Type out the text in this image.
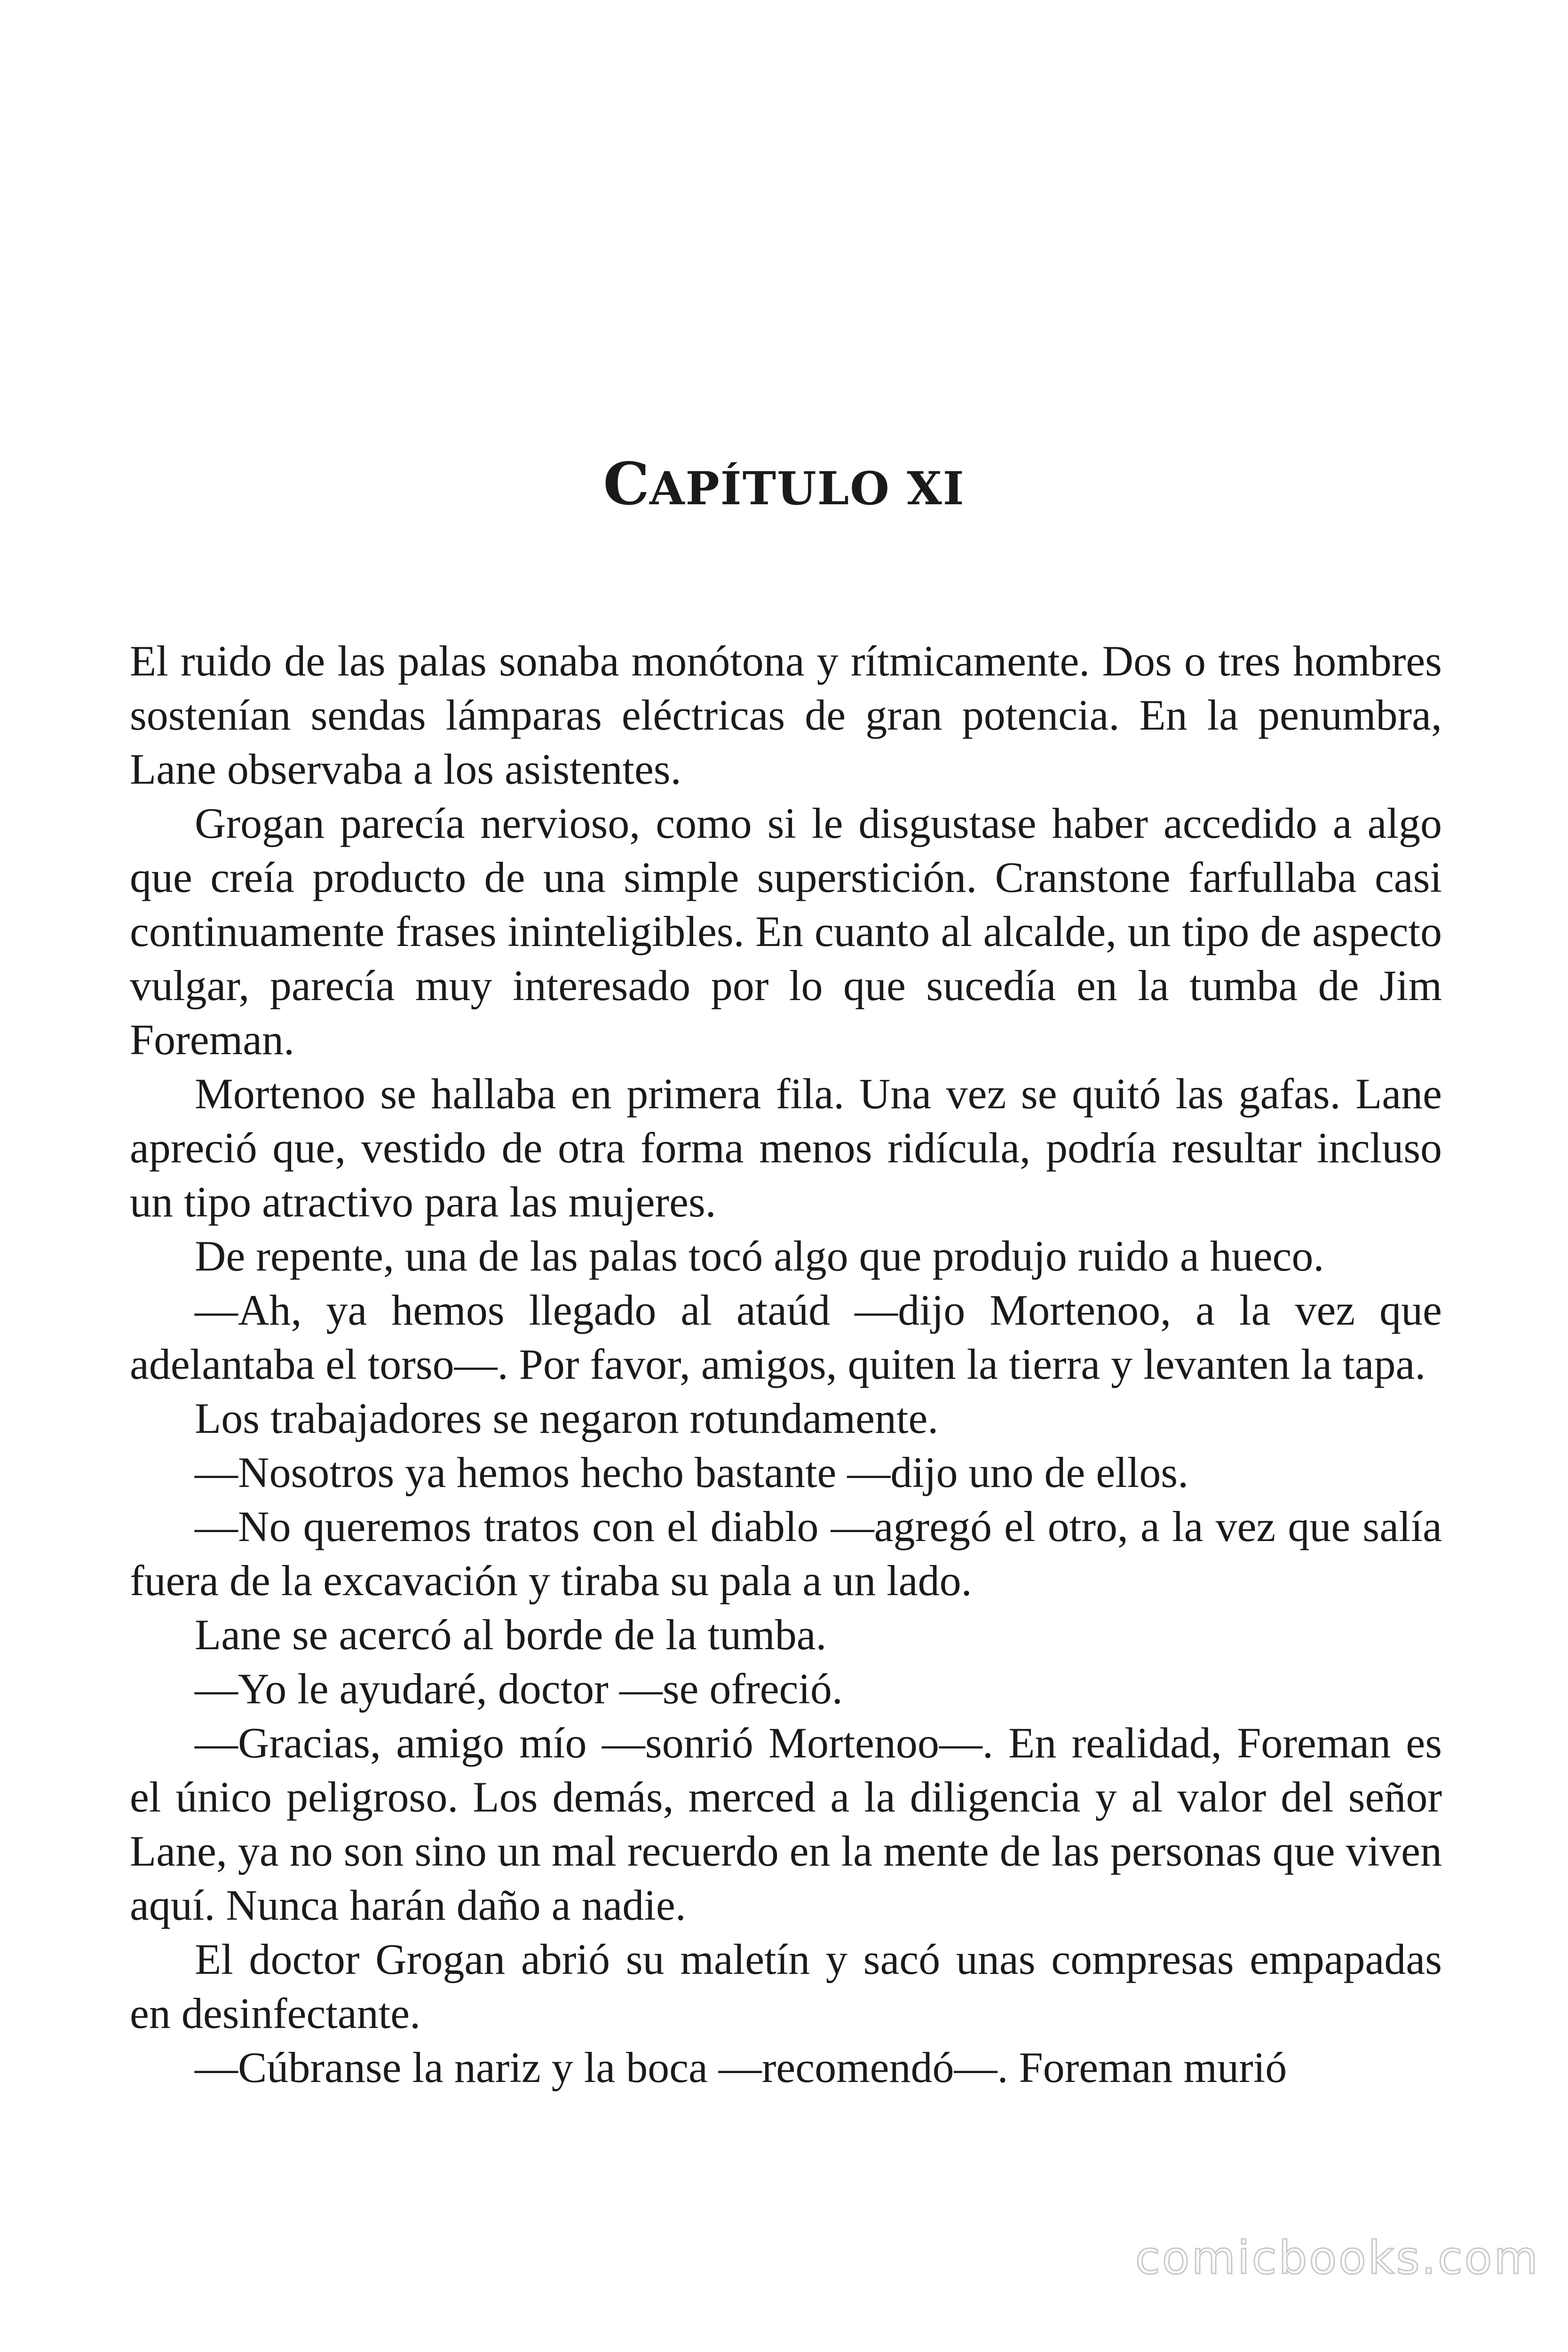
CAPÍTULO XI

El ruido de las palas sonaba monótona y rítmicamente. Dos o tres hombres sostenían sendas lámparas eléctricas de gran potencia. En la penumbra, Lane observaba a los asistentes.

Grogan parecía nervioso, como si le disgustase haber accedido a algo que creía producto de una simple superstición. Cranstone farfullaba casi continuamente frases ininteligibles. En cuanto al alcalde, un tipo de aspecto vulgar, parecía muy interesado por lo que sucedía en la tumba de Jim Foreman.

Mortenoo se hallaba en primera fila. Una vez se quitó las gafas. Lane apreció que, vestido de otra forma menos ridícula, podría resultar incluso un tipo atractivo para las mujeres.

De repente, una de las palas tocó algo que produjo ruido a hueco.

—Ah, ya hemos llegado al ataúd —dijo Mortenoo, a la vez que adelantaba el torso—. Por favor, amigos, quiten la tierra y levanten la tapa.

Los trabajadores se negaron rotundamente.

—Nosotros ya hemos hecho bastante —dijo uno de ellos.

—No queremos tratos con el diablo —agregó el otro, a la vez que salía fuera de la excavación y tiraba su pala a un lado.

Lane se acercó al borde de la tumba.

—Yo le ayudaré, doctor —se ofreció.

—Gracias, amigo mío —sonrió Mortenoo—. En realidad, Foreman es el único peligroso. Los demás, merced a la diligencia y al valor del señor Lane, ya no son sino un mal recuerdo en la mente de las personas que viven aquí. Nunca harán daño a nadie.

El doctor Grogan abrió su maletín y sacó unas compresas empapadas en desinfectante.

—Cúbranse la nariz y la boca —recomendó—. Foreman murió

comicbooks.com
